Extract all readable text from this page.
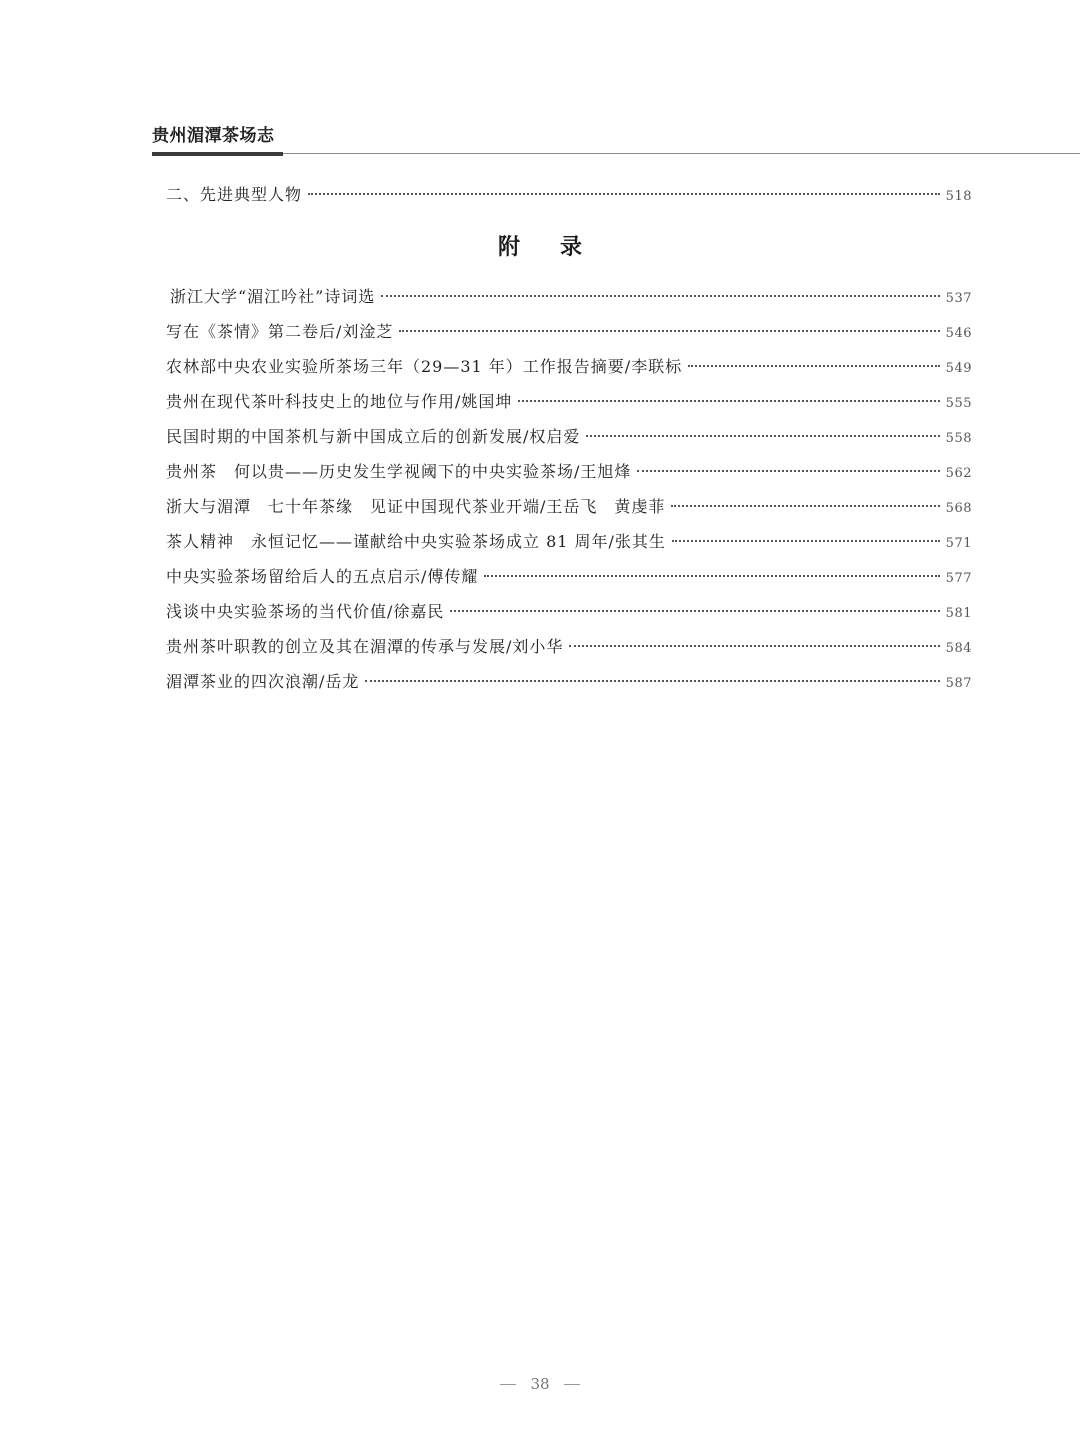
贵州湄潭茶场志
二、先进典型人物	518
附录
浙江大学“湄江吟社”诗词选	537
写在《茶情》第二卷后/刘淦芝	546
农林部中央农业实验所茶场三年（29—31 年）工作报告摘要/李联标	549
贵州在现代茶叶科技史上的地位与作用/姚国坤	555
民国时期的中国茶机与新中国成立后的创新发展/权启爱	558
贵州茶　何以贵——历史发生学视阈下的中央实验茶场/王旭烽	562
浙大与湄潭　七十年茶缘　见证中国现代茶业开端/王岳飞　黄虔菲	568
茶人精神　永恒记忆——谨献给中央实验茶场成立 81 周年/张其生	571
中央实验茶场留给后人的五点启示/傅传耀	577
浅谈中央实验茶场的当代价值/徐嘉民	581
贵州茶叶职教的创立及其在湄潭的传承与发展/刘小华	584
湄潭茶业的四次浪潮/岳龙	587
38
